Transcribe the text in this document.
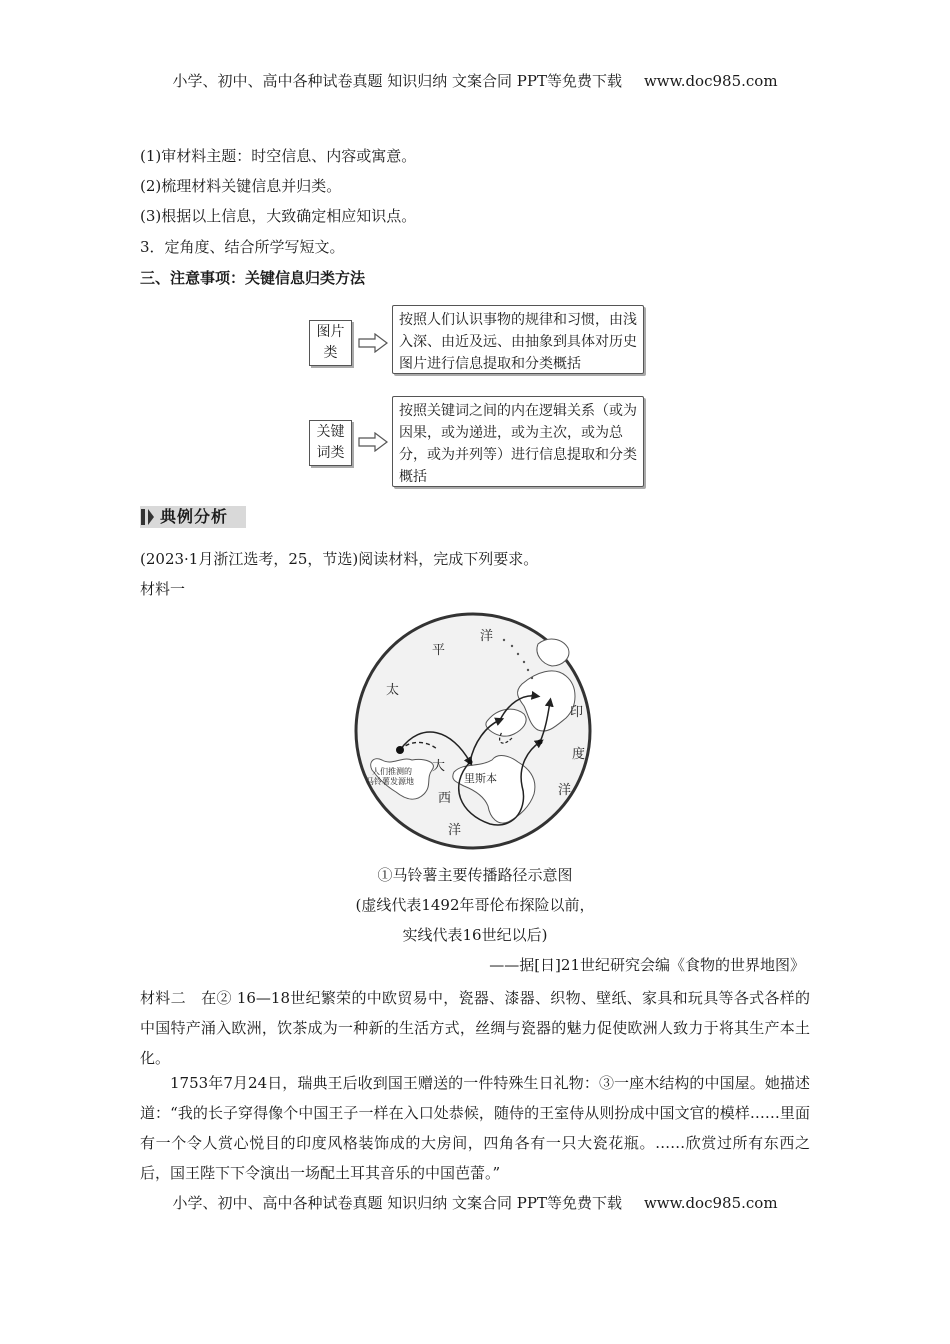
小学、初中、高中各种试卷真题 知识归纳 文案合同 PPT等免费下载 www.doc985.com
(1)审材料主题：时空信息、内容或寓意。
(2)梳理材料关键信息并归类。
(3)根据以上信息，大致确定相应知识点。
3．定角度、结合所学写短文。
三、注意事项：关键信息归类方法
图片
类
按照人们认识事物的规律和习惯，由浅入深、由近及远、由抽象到具体对历史图片进行信息提取和分类概括
关键
词类
按照关键词之间的内在逻辑关系（或为因果，或为递进，或为主次，或为总分，或为并列等）进行信息提取和分类概括
典例分析
(2023·1月浙江选考，25，节选)阅读材料，完成下列要求。
材料一
平
洋
太
大
西
洋
印
度
洋
人们推测的
马铃薯发源地	里斯本
①马铃薯主要传播路径示意图
(虚线代表1492年哥伦布探险以前，
实线代表16世纪以后)
——据[日]21世纪研究会编《食物的世界地图》
材料二 在② 16—18世纪繁荣的中欧贸易中，瓷器、漆器、织物、壁纸、家具和玩具等各式各样的中国特产涌入欧洲，饮茶成为一种新的生活方式，丝绸与瓷器的魅力促使欧洲人致力于将其生产本土化。
1753年7月24日，瑞典王后收到国王赠送的一件特殊生日礼物：③一座木结构的中国屋。她描述道：“我的长子穿得像个中国王子一样在入口处恭候，随侍的王室侍从则扮成中国文官的模样……里面有一个令人赏心悦目的印度风格装饰成的大房间，四角各有一只大瓷花瓶。……欣赏过所有东西之后，国王陛下下令演出一场配土耳其音乐的中国芭蕾。”
小学、初中、高中各种试卷真题 知识归纳 文案合同 PPT等免费下载 www.doc985.com
